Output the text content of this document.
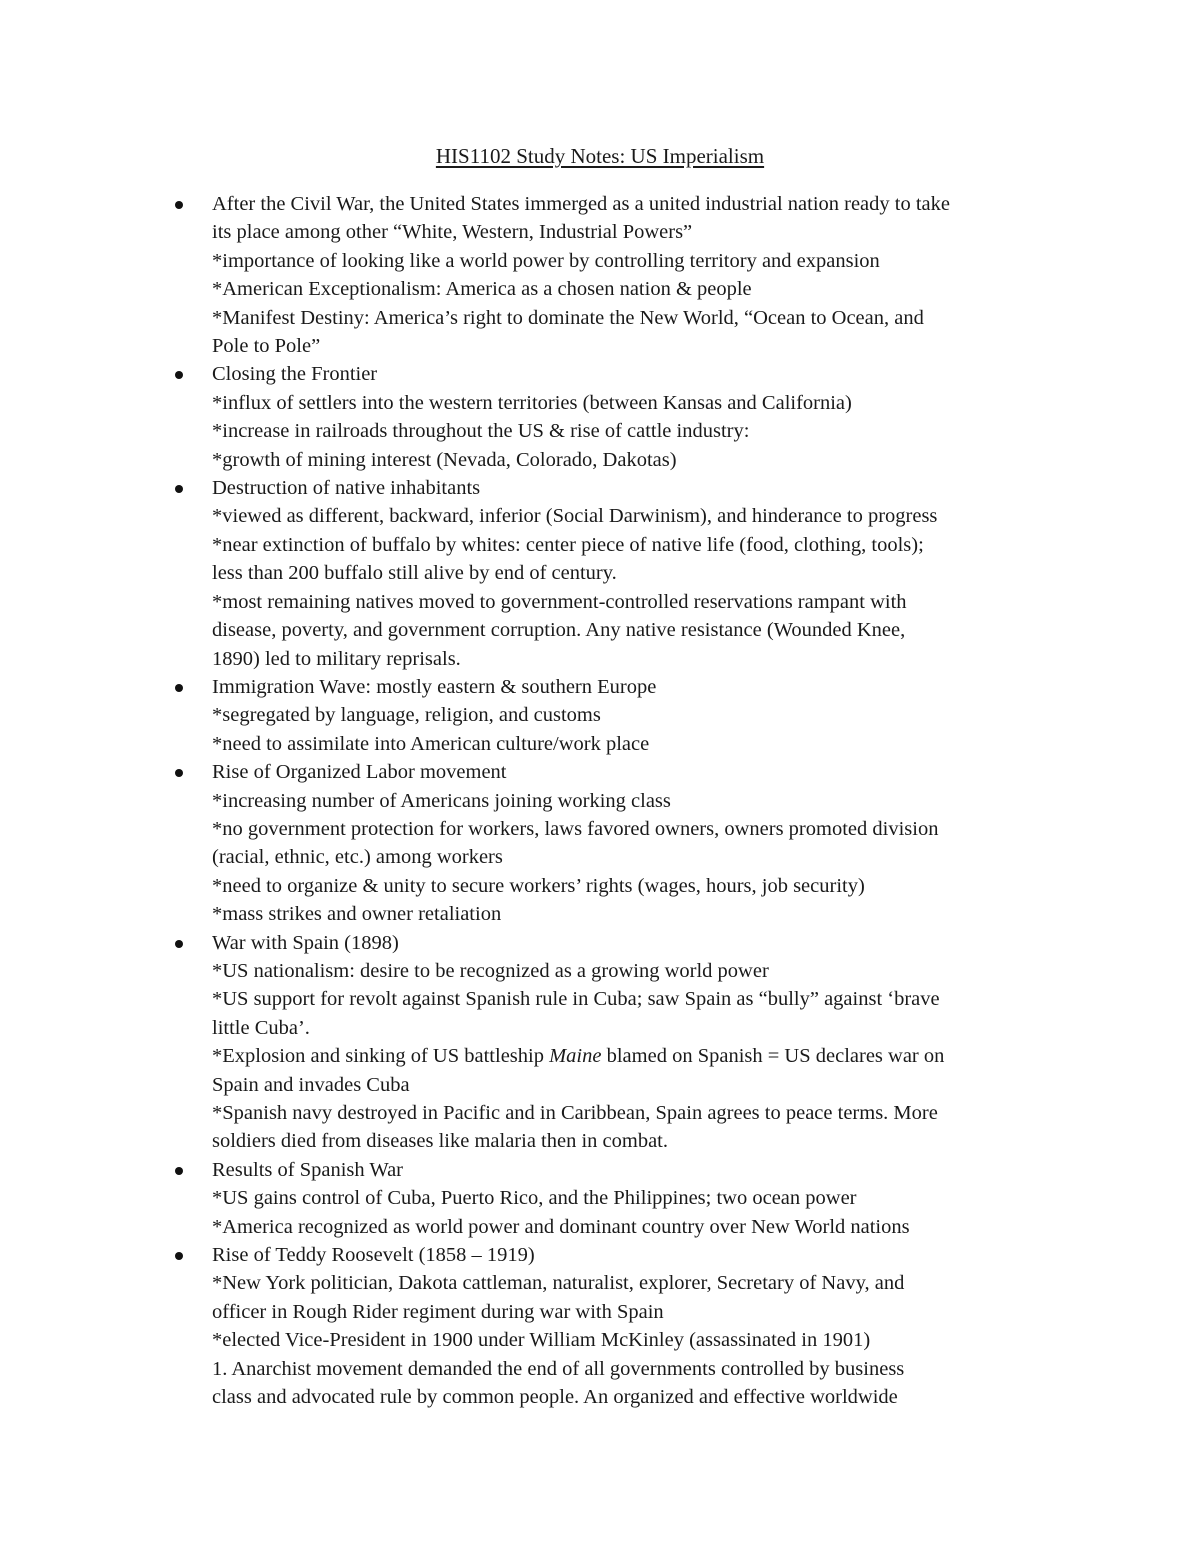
HIS1102 Study Notes: US Imperialism
After the Civil War, the United States immerged as a united industrial nation ready to take
its place among other “White, Western, Industrial Powers”
*importance of looking like a world power by controlling territory and expansion
*American Exceptionalism: America as a chosen nation & people
*Manifest Destiny: America’s right to dominate the New World, “Ocean to Ocean, and
Pole to Pole”
Closing the Frontier
*influx of settlers into the western territories (between Kansas and California)
*increase in railroads throughout the US & rise of cattle industry:
*growth of mining interest (Nevada, Colorado, Dakotas)
Destruction of native inhabitants
*viewed as different, backward, inferior (Social Darwinism), and hinderance to progress
*near extinction of buffalo by whites: center piece of native life (food, clothing, tools);
less than 200 buffalo still alive by end of century.
*most remaining natives moved to government-controlled reservations rampant with
disease, poverty, and government corruption. Any native resistance (Wounded Knee,
1890) led to military reprisals.
Immigration Wave: mostly eastern & southern Europe
*segregated by language, religion, and customs
*need to assimilate into American culture/work place
Rise of Organized Labor movement
*increasing number of Americans joining working class
*no government protection for workers, laws favored owners, owners promoted division
(racial, ethnic, etc.) among workers
*need to organize & unity to secure workers’ rights (wages, hours, job security)
*mass strikes and owner retaliation
War with Spain (1898)
*US nationalism: desire to be recognized as a growing world power
*US support for revolt against Spanish rule in Cuba; saw Spain as “bully” against ‘brave
little Cuba’.
*Explosion and sinking of US battleship Maine blamed on Spanish = US declares war on
Spain and invades Cuba
*Spanish navy destroyed in Pacific and in Caribbean, Spain agrees to peace terms. More
soldiers died from diseases like malaria then in combat.
Results of Spanish War
*US gains control of Cuba, Puerto Rico, and the Philippines; two ocean power
*America recognized as world power and dominant country over New World nations
Rise of Teddy Roosevelt (1858 – 1919)
*New York politician, Dakota cattleman, naturalist, explorer, Secretary of Navy, and
officer in Rough Rider regiment during war with Spain
*elected Vice-President in 1900 under William McKinley (assassinated in 1901)
1. Anarchist movement demanded the end of all governments controlled by business
class and advocated rule by common people. An organized and effective worldwide
